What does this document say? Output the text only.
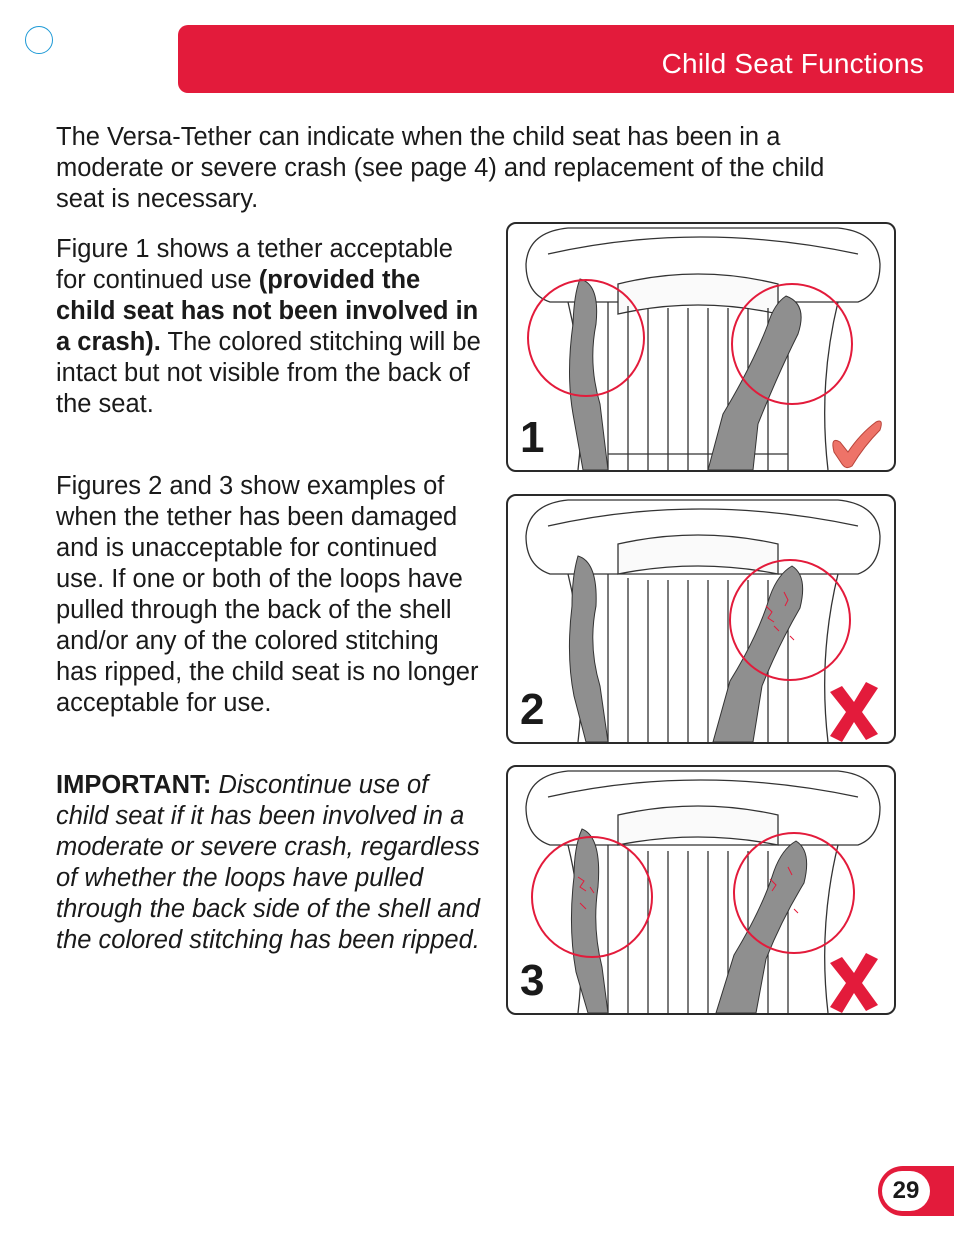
Child Seat Functions

The Versa-Tether can indicate when the child seat has been in a moderate or severe crash (see page 4) and replacement of the child seat is necessary.

Figure 1 shows a tether acceptable for continued use (provided the child seat has not been involved in a crash). The colored stitching will be intact but not visible from the back of the seat.

Figures 2 and 3 show examples of when the tether has been damaged and is unacceptable for continued use. If one or both of the loops have pulled through the back of the shell and/or any of the colored stitching has ripped, the child seat is no longer acceptable for use.

IMPORTANT: Discontinue use of child seat if it has been involved in a moderate or severe crash, regardless of whether the loops have pulled through the back side of the shell and the colored stitching has been ripped.

1
2
3
29
